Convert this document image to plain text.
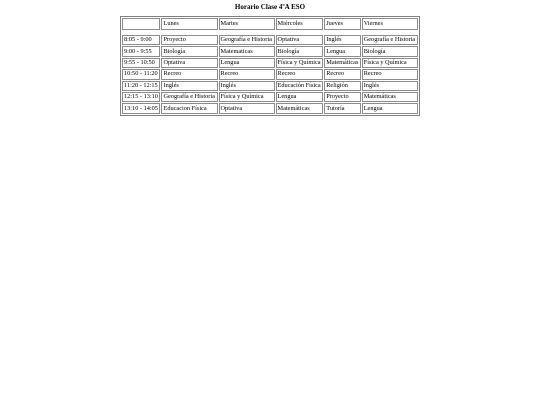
Horario Clase 4ºA ESO
	Lunes	Martes	Miércoles	Jueves	Viernes

8:05 - 9:00	Proyecto	Geografía e Historia	Optativa	Inglés	Geografía e Historia
9:00 - 9:55	Biología	Matematicas	Biología	Lengua	Biología
9:55 - 10:50	Optativa	Lengua	Física y Química	Matemáticas	Física y Química
10:50 - 11:20	Recreo	Recreo	Recreo	Recreo	Recreo
11:20 - 12:15	Inglés	Inglés	Educación Física	Religión	Inglés
12:15 - 13:10	Geografía e Historia	Física y Química	Lengua	Proyecto	Matemáticas
13:10 - 14:05	Educacion Física	Optativa	Matemáticas	Tutoría	Lengua
